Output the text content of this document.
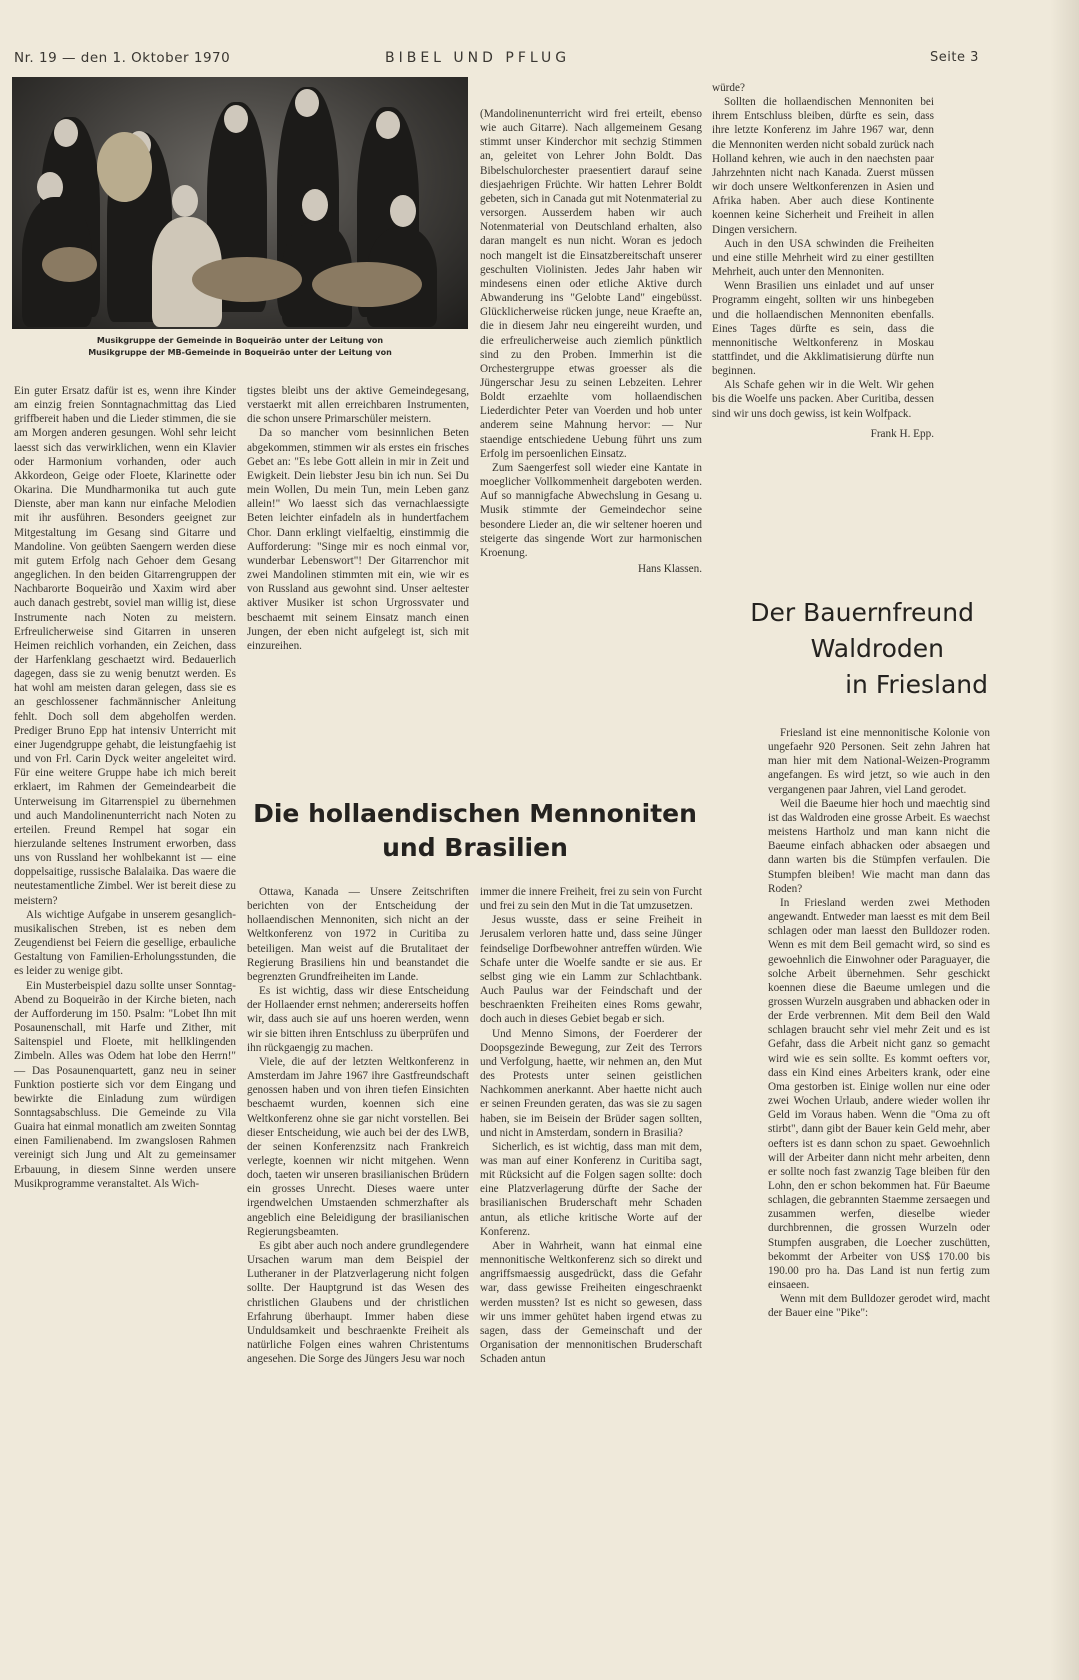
Nr. 19 — den 1. Oktober 1970	BIBEL UND PFLUG	Seite 3
Musikgruppe der Gemeinde in Boqueirão unter der Leitung von
Musikgruppe der MB-Gemeinde in Boqueirão unter der Leitung von

Ein guter Ersatz dafür ist es, wenn ihre Kinder am einzig freien Sonntagnachmittag das Lied griffbereit haben und die Lieder stimmen, die sie am Morgen anderen gesungen. Wohl sehr leicht laesst sich das verwirklichen, wenn ein Klavier oder Harmonium vorhanden, oder auch Akkordeon, Geige oder Floete, Klarinette oder Okarina. Die Mundharmonika tut auch gute Dienste, aber man kann nur einfache Melodien mit ihr ausführen. Besonders geeignet zur Mitgestaltung im Gesang sind Gitarre und Mandoline. Von geübten Saengern werden diese mit gutem Erfolg nach Gehoer dem Gesang angeglichen. In den beiden Gitarrengruppen der Nachbarorte Boqueirão und Xaxim wird aber auch danach gestrebt, soviel man willig ist, diese Instrumente nach Noten zu meistern. Erfreulicherweise sind Gitarren in unseren Heimen reichlich vorhanden, ein Zeichen, dass der Harfenklang geschaetzt wird. Bedauerlich dagegen, dass sie zu wenig benutzt werden. Es hat wohl am meisten daran gelegen, dass sie es an geschlossener fachmännischer Anleitung fehlt. Doch soll dem abgeholfen werden. Prediger Bruno Epp hat intensiv Unterricht mit einer Jugendgruppe gehabt, die leistungfaehig ist und von Frl. Carin Dyck weiter angeleitet wird. Für eine weitere Gruppe habe ich mich bereit erklaert, im Rahmen der Gemeindearbeit die Unterweisung im Gitarrenspiel zu übernehmen und auch Mandolinenunterricht nach Noten zu erteilen. Freund Rempel hat sogar ein hierzulande seltenes Instrument erworben, dass uns von Russland her wohlbekannt ist — eine doppelsaitige, russische Balalaika. Das waere die neutestamentliche Zimbel. Wer ist bereit diese zu meistern?

Als wichtige Aufgabe in unserem gesanglich-musikalischen Streben, ist es neben dem Zeugendienst bei Feiern die gesellige, erbauliche Gestaltung von Familien-Erholungsstunden, die es leider zu wenige gibt.

Ein Musterbeispiel dazu sollte unser Sonntag-Abend zu Boqueirão in der Kirche bieten, nach der Aufforderung im 150. Psalm: "Lobet Ihn mit Posaunenschall, mit Harfe und Zither, mit Saitenspiel und Floete, mit hellklingenden Zimbeln. Alles was Odem hat lobe den Herrn!" — Das Posaunenquartett, ganz neu in seiner Funktion postierte sich vor dem Eingang und bewirkte die Einladung zum würdigen Sonntagsabschluss. Die Gemeinde zu Vila Guaira hat einmal monatlich am zweiten Sonntag einen Familienabend. Im zwangslosen Rahmen vereinigt sich Jung und Alt zu gemeinsamer Erbauung, in diesem Sinne werden unsere Musikprogramme veranstaltet. Als Wich-

tigstes bleibt uns der aktive Gemeindegesang, verstaerkt mit allen erreichbaren Instrumenten, die schon unsere Primarschüler meistern.

Da so mancher vom besinnlichen Beten abgekommen, stimmen wir als erstes ein frisches Gebet an: "Es lebe Gott allein in mir in Zeit und Ewigkeit. Dein liebster Jesu bin ich nun. Sei Du mein Wollen, Du mein Tun, mein Leben ganz allein!" Wo laesst sich das vernachlaessigte Beten leichter einfadeln als in hundertfachem Chor. Dann erklingt vielfaeltig, einstimmig die Aufforderung: "Singe mir es noch einmal vor, wunderbar Lebenswort"! Der Gitarrenchor mit zwei Mandolinen stimmten mit ein, wie wir es von Russland aus gewohnt sind. Unser aeltester aktiver Musiker ist schon Urgrossvater und beschaemt mit seinem Einsatz manch einen Jungen, der eben nicht aufgelegt ist, sich mit einzureihen.

(Mandolinenunterricht wird frei erteilt, ebenso wie auch Gitarre). Nach allgemeinem Gesang stimmt unser Kinderchor mit sechzig Stimmen an, geleitet von Lehrer John Boldt. Das Bibelschulorchester praesentiert darauf seine diesjaehrigen Früchte. Wir hatten Lehrer Boldt gebeten, sich in Canada gut mit Notenmaterial zu versorgen. Ausserdem haben wir auch Notenmaterial von Deutschland erhalten, also daran mangelt es nun nicht. Woran es jedoch noch mangelt ist die Einsatzbereitschaft unserer geschulten Violinisten. Jedes Jahr haben wir mindesens einen oder etliche Aktive durch Abwanderung ins "Gelobte Land" eingebüsst. Glücklicherweise rücken junge, neue Kraefte an, die in diesem Jahr neu eingereiht wurden, und die erfreulicherweise auch ziemlich pünktlich sind zu den Proben. Immerhin ist die Orchestergruppe etwas groesser als die Jüngerschar Jesu zu seinen Lebzeiten. Lehrer Boldt erzaehlte vom hollaendischen Liederdichter Peter van Voerden und hob unter anderem seine Mahnung hervor: — Nur staendige entschiedene Uebung führt uns zum Erfolg im persoenlichen Einsatz.

Zum Saengerfest soll wieder eine Kantate in moeglicher Vollkommenheit dargeboten werden. Auf so mannigfache Abwechslung in Gesang u. Musik stimmte der Gemeindechor seine besondere Lieder an, die wir seltener hoeren und steigerte das singende Wort zur harmonischen Kroenung.

Hans Klassen.

würde?

Sollten die hollaendischen Mennoniten bei ihrem Entschluss bleiben, dürfte es sein, dass ihre letzte Konferenz im Jahre 1967 war, denn die Mennoniten werden nicht sobald zurück nach Holland kehren, wie auch in den naechsten paar Jahrzehnten nicht nach Kanada. Zuerst müssen wir doch unsere Weltkonferenzen in Asien und Afrika haben. Aber auch diese Kontinente koennen keine Sicherheit und Freiheit in allen Dingen versichern.

Auch in den USA schwinden die Freiheiten und eine stille Mehrheit wird zu einer gestillten Mehrheit, auch unter den Mennoniten.

Wenn Brasilien uns einladet und auf unser Programm eingeht, sollten wir uns hinbegeben und die hollaendischen Mennoniten ebenfalls. Eines Tages dürfte es sein, dass die mennonitische Weltkonferenz in Moskau stattfindet, und die Akklimatisierung dürfte nun beginnen.

Als Schafe gehen wir in die Welt. Wir gehen bis die Woelfe uns packen. Aber Curitiba, dessen sind wir uns doch gewiss, ist kein Wolfpack.

Frank H. Epp.
Die hollaendischen Mennoniten
und Brasilien

Ottawa, Kanada — Unsere Zeitschriften berichten von der Entscheidung der hollaendischen Mennoniten, sich nicht an der Weltkonferenz von 1972 in Curitiba zu beteiligen. Man weist auf die Brutalitaet der Regierung Brasiliens hin und beanstandet die begrenzten Grundfreiheiten im Lande.

Es ist wichtig, dass wir diese Entscheidung der Hollaender ernst nehmen; andererseits hoffen wir, dass auch sie auf uns hoeren werden, wenn wir sie bitten ihren Entschluss zu überprüfen und ihn rückgaengig zu machen.

Viele, die auf der letzten Weltkonferenz in Amsterdam im Jahre 1967 ihre Gastfreundschaft genossen haben und von ihren tiefen Einsichten beschaemt wurden, koennen sich eine Weltkonferenz ohne sie gar nicht vorstellen. Bei dieser Entscheidung, wie auch bei der des LWB, der seinen Konferenzsitz nach Frankreich verlegte, koennen wir nicht mitgehen. Wenn doch, taeten wir unseren brasilianischen Brüdern ein grosses Unrecht. Dieses waere unter irgendwelchen Umstaenden schmerzhafter als angeblich eine Beleidigung der brasilianischen Regierungsbeamten.

Es gibt aber auch noch andere grundlegendere Ursachen warum man dem Beispiel der Lutheraner in der Platzverlagerung nicht folgen sollte. Der Hauptgrund ist das Wesen des christlichen Glaubens und der christlichen Erfahrung überhaupt. Immer haben diese Unduldsamkeit und beschraenkte Freiheit als natürliche Folgen eines wahren Christentums angesehen. Die Sorge des Jüngers Jesu war noch

immer die innere Freiheit, frei zu sein von Furcht und frei zu sein den Mut in die Tat umzusetzen.

Jesus wusste, dass er seine Freiheit in Jerusalem verloren hatte und, dass seine Jünger feindselige Dorfbewohner antreffen würden. Wie Schafe unter die Woelfe sandte er sie aus. Er selbst ging wie ein Lamm zur Schlachtbank. Auch Paulus war der Feindschaft und der beschraenkten Freiheiten eines Roms gewahr, doch auch in dieses Gebiet begab er sich.

Und Menno Simons, der Foerderer der Doopsgezinde Bewegung, zur Zeit des Terrors und Verfolgung, haette, wir nehmen an, den Mut des Protests unter seinen geistlichen Nachkommen anerkannt. Aber haette nicht auch er seinen Freunden geraten, das was sie zu sagen haben, sie im Beisein der Brüder sagen sollten, und nicht in Amsterdam, sondern in Brasilia?

Sicherlich, es ist wichtig, dass man mit dem, was man auf einer Konferenz in Curitiba sagt, mit Rücksicht auf die Folgen sagen sollte: doch eine Platzverlagerung dürfte der Sache der brasilianischen Bruderschaft mehr Schaden antun, als etliche kritische Worte auf der Konferenz.

Aber in Wahrheit, wann hat einmal eine mennonitische Weltkonferenz sich so direkt und angriffsmaessig ausgedrückt, dass die Gefahr war, dass gewisse Freiheiten eingeschraenkt werden mussten? Ist es nicht so gewesen, dass wir uns immer gehütet haben irgend etwas zu sagen, dass der Gemeinschaft und der Organisation der mennonitischen Bruderschaft Schaden antun

Der Bauernfreund
Waldroden
in Friesland

Friesland ist eine mennonitische Kolonie von ungefaehr 920 Personen. Seit zehn Jahren hat man hier mit dem National-Weizen-Programm angefangen. Es wird jetzt, so wie auch in den vergangenen paar Jahren, viel Land gerodet.

Weil die Baeume hier hoch und maechtig sind ist das Waldroden eine grosse Arbeit. Es waechst meistens Hartholz und man kann nicht die Baeume einfach abhacken oder absaegen und dann warten bis die Stümpfen verfaulen. Die Stumpfen bleiben! Wie macht man dann das Roden?

In Friesland werden zwei Methoden angewandt. Entweder man laesst es mit dem Beil schlagen oder man laesst den Bulldozer roden. Wenn es mit dem Beil gemacht wird, so sind es gewoehnlich die Einwohner oder Paraguayer, die solche Arbeit übernehmen. Sehr geschickt koennen diese die Baeume umlegen und die grossen Wurzeln ausgraben und abhacken oder in der Erde verbrennen. Mit dem Beil den Wald schlagen braucht sehr viel mehr Zeit und es ist Gefahr, dass die Arbeit nicht ganz so gemacht wird wie es sein sollte. Es kommt oefters vor, dass ein Kind eines Arbeiters krank, oder eine Oma gestorben ist. Einige wollen nur eine oder zwei Wochen Urlaub, andere wieder wollen ihr Geld im Voraus haben. Wenn die "Oma zu oft stirbt", dann gibt der Bauer kein Geld mehr, aber oefters ist es dann schon zu spaet. Gewoehnlich will der Arbeiter dann nicht mehr arbeiten, denn er sollte noch fast zwanzig Tage bleiben für den Lohn, den er schon bekommen hat. Für Baeume schlagen, die gebrannten Staemme zersaegen und zusammen werfen, dieselbe wieder durchbrennen, die grossen Wurzeln oder Stumpfen ausgraben, die Loecher zuschütten, bekommt der Arbeiter von US$ 170.00 bis 190.00 pro ha. Das Land ist nun fertig zum einsaeen.

Wenn mit dem Bulldozer gerodet wird, macht der Bauer eine "Pike":
